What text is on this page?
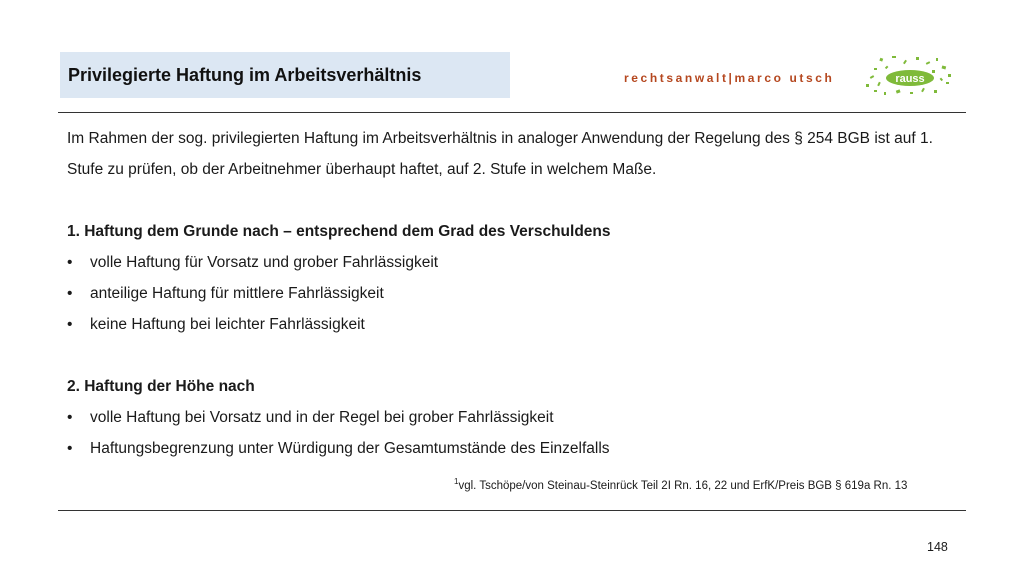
Privilegierte Haftung im Arbeitsverhältnis	rechtsanwalt|marco utsch	rauss

Im Rahmen der sog. privilegierten Haftung im Arbeitsverhältnis in analoger Anwendung der Regelung des § 254 BGB ist auf 1. Stufe zu prüfen, ob der Arbeitnehmer überhaupt haftet, auf 2. Stufe in welchem Maße.

1. Haftung dem Grunde nach – entsprechend dem Grad des Verschuldens

•	volle Haftung für Vorsatz und grober Fahrlässigkeit
•	anteilige Haftung für mittlere Fahrlässigkeit
•	keine Haftung bei leichter Fahrlässigkeit

2. Haftung der Höhe nach

•	volle Haftung bei Vorsatz und in der Regel bei grober Fahrlässigkeit
•	Haftungsbegrenzung unter Würdigung der Gesamtumstände des Einzelfalls
$^1$vgl. Tschöpe/von Steinau-Steinrück Teil 2I Rn. 16, 22 und ErfK/Preis BGB § 619a Rn. 13
148
